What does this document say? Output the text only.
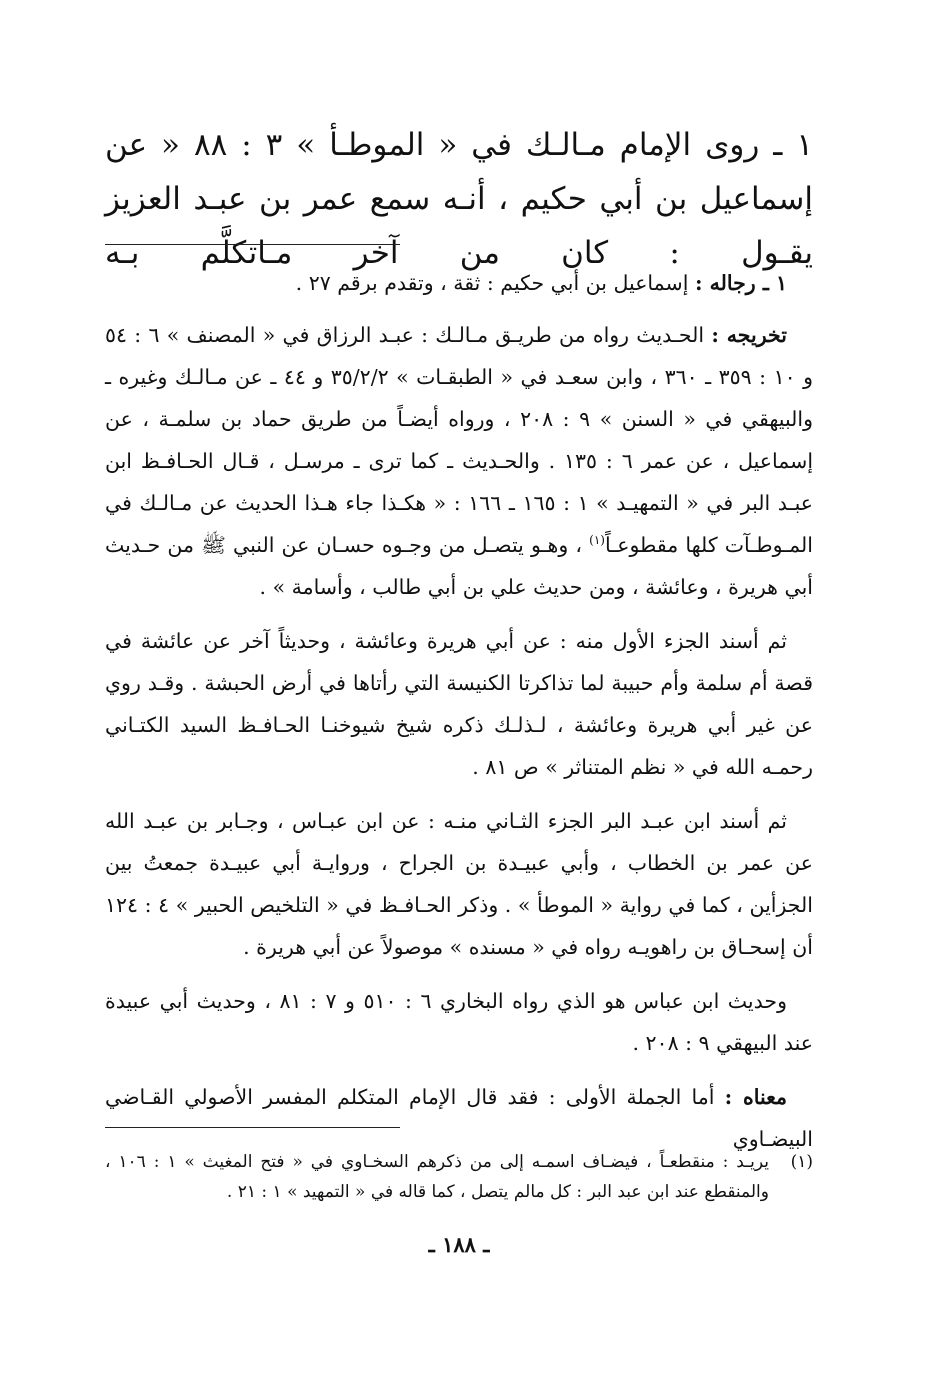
١ ـ روى الإمام مـالـك في « الموطـأ » ٣ : ٨٨ « عن إسماعيل بن أبي حكيم ، أنـه سمع عمر بن عبـد العزيز يقـول : كان من آخر مـاتكلَّم بـه

١ ـ رجاله : إسماعيل بن أبي حكيم : ثقة ، وتقدم برقم ٢٧ .

تخريجه : الحـديث رواه من طريـق مـالـك : عبـد الرزاق في « المصنف » ٦ : ٥٤ و ١٠ : ٣٥٩ ـ ٣٦٠ ، وابن سعـد في « الطبقـات » ٣٥/٢/٢ و ٤٤ ـ عن مـالـك وغيره ـ والبيهقي في « السنن » ٩ : ٢٠٨ ، ورواه أيضـاً من طريق حماد بن سلمـة ، عن إسماعيل ، عن عمر ٦ : ١٣٥ . والحـديث ـ كما ترى ـ مرسـل ، قـال الحـافـظ ابن عبـد البر في « التمهيـد » ١ : ١٦٥ ـ ١٦٦ : « هكـذا جاء هـذا الحديث عن مـالـك في المـوطـآت كلها مقطوعـاً$^{(١)}$ ، وهـو يتصـل من وجـوه حسـان عن النبي ﷺ من حـديث أبي هريرة ، وعائشة ، ومن حديث علي بن أبي طالب ، وأسامة » .

ثم أسند الجزء الأول منه : عن أبي هريرة وعائشة ، وحديثاً آخر عن عائشة في قصة أم سلمة وأم حبيبة لما تذاكرتا الكنيسة التي رأتاها في أرض الحبشة . وقـد روي عن غير أبي هريرة وعائشة ، لـذلـك ذكره شيخ شيوخنـا الحـافـظ السيد الكتـاني رحمـه الله في « نظم المتناثر » ص ٨١ .

ثم أسند ابن عبـد البر الجزء الثـاني منـه : عن ابن عبـاس ، وجـابر بن عبـد الله عن عمر بن الخطاب ، وأبي عبيـدة بن الجراح ، وروايـة أبي عبيـدة جمعتُ بين الجزأين ، كما في رواية « الموطأ » . وذكر الحـافـظ في « التلخيص الحبير » ٤ : ١٢٤ أن إسحـاق بن راهويـه رواه في « مسنده » موصولاً عن أبي هريرة .

وحديث ابن عباس هو الذي رواه البخاري ٦ : ٥١٠ و ٧ : ٨١ ، وحديث أبي عبيدة عند البيهقي ٩ : ٢٠٨ .

معناه : أما الجملة الأولى : فقد قال الإمام المتكلم المفسر الأصولي القـاضي البيضـاوي

(١)
يريـد : منقطعـاً ، فيضـاف اسمـه إلى من ذكرهم السخـاوي في « فتح المغيث » ١ : ١٠٦ ، والمنقطع عند ابن عبد البر : كل مالم يتصل ، كما قاله في « التمهيد » ١ : ٢١ .
ـ ١٨٨ ـ
